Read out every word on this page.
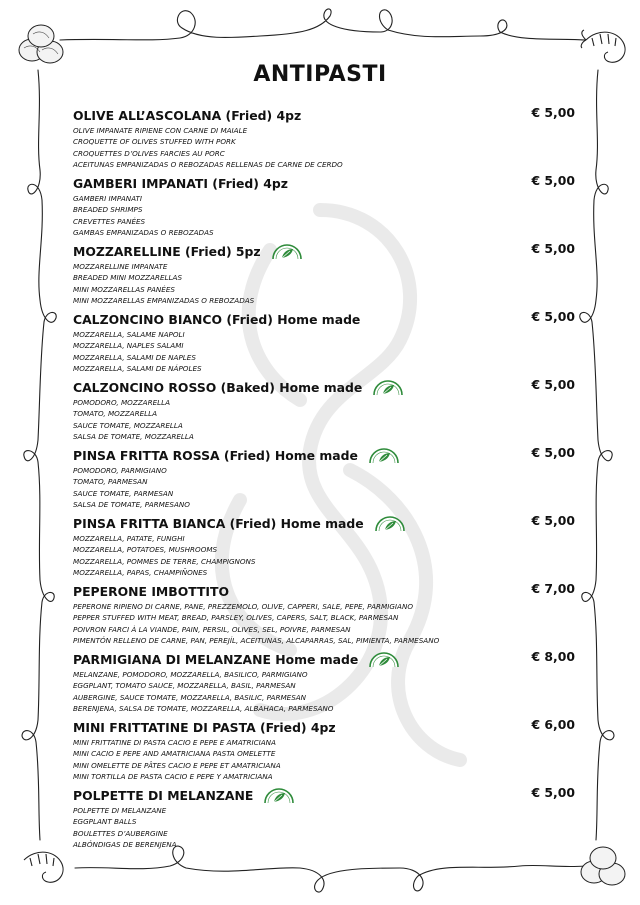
ANTIPASTI
OLIVE ALL’ASCOLANA (Fried) 4pz	€ 5,00
OLIVE IMPANATE RIPIENE CON CARNE DI MAIALE
CROQUETTE OF OLIVES STUFFED WITH PORK
CROQUETTES D’OLIVES FARCIES AU PORC
ACEITUNAS EMPANIZADAS O REBOZADAS RELLENAS DE CARNE DE CERDO
GAMBERI IMPANATI (Fried) 4pz	€ 5,00
GAMBERI IMPANATI
BREADED SHRIMPS
CREVETTES PANÉES
GAMBAS EMPANIZADAS O REBOZADAS
MOZZARELLINE (Fried) 5pz	€ 5,00
MOZZARELLINE IMPANATE
BREADED MINI MOZZARELLAS
MINI MOZZARELLAS PANÉES
MINI MOZZARELLAS EMPANIZADAS O REBOZADAS
CALZONCINO BIANCO (Fried) Home made	€ 5,00
MOZZARELLA, SALAME NAPOLI
MOZZARELLA, NAPLES SALAMI
MOZZARELLA, SALAMI DE NAPLES
MOZZARELLA, SALAMI DE NÁPOLES
CALZONCINO ROSSO (Baked) Home made	€ 5,00
POMODORO, MOZZARELLA
TOMATO, MOZZARELLA
SAUCE TOMATE, MOZZARELLA
SALSA DE TOMATE, MOZZARELLA
PINSA FRITTA ROSSA (Fried) Home made	€ 5,00
POMODORO, PARMIGIANO
TOMATO, PARMESAN
SAUCE TOMATE, PARMESAN
SALSA DE TOMATE, PARMESANO
PINSA FRITTA BIANCA (Fried) Home made	€ 5,00
MOZZARELLA, PATATE, FUNGHI
MOZZARELLA, POTATOES, MUSHROOMS
MOZZARELLA, POMMES DE TERRE, CHAMPIGNONS
MOZZARELLA, PAPAS, CHAMPIÑONES
PEPERONE IMBOTTITO	€ 7,00
PEPERONE RIPIENO DI CARNE, PANE, PREZZEMOLO, OLIVE, CAPPERI, SALE, PEPE, PARMIGIANO
PEPPER STUFFED WITH MEAT, BREAD, PARSLEY, OLIVES, CAPERS, SALT, BLACK, PARMESAN
POIVRON FARCI À LA VIANDE, PAIN, PERSIL, OLIVES, SEL, POIVRE, PARMESAN
PIMENTÓN RELLENO DE CARNE, PAN, PEREJÍL, ACEITUNAS, ALCAPARRAS, SAL, PIMIENTA, PARMESANO
PARMIGIANA DI MELANZANE Home made	€ 8,00
MELANZANE, POMODORO, MOZZARELLA, BASILICO, PARMIGIANO
EGGPLANT, TOMATO SAUCE, MOZZARELLA, BASIL, PARMESAN
AUBERGINE, SAUCE TOMATE, MOZZARELLA, BASILIC, PARMESAN
BERENJENA, SALSA DE TOMATE, MOZZARELLA, ALBAHACA, PARMESANO
MINI FRITTATINE DI PASTA (Fried) 4pz	€ 6,00
MINI FRITTATINE DI PASTA CACIO E PEPE E AMATRICIANA
MINI CACIO E PEPE AND AMATRICIANA PASTA OMELETTE
MINI OMELETTE DE PÂTES CACIO E PEPE ET AMATRICIANA
MINI TORTILLA DE PASTA CACIO E PEPE Y AMATRICIANA
POLPETTE DI MELANZANE	€ 5,00
POLPETTE DI MELANZANE
EGGPLANT BALLS
BOULETTES D’AUBERGINE
ALBÓNDIGAS DE BERENJENA
